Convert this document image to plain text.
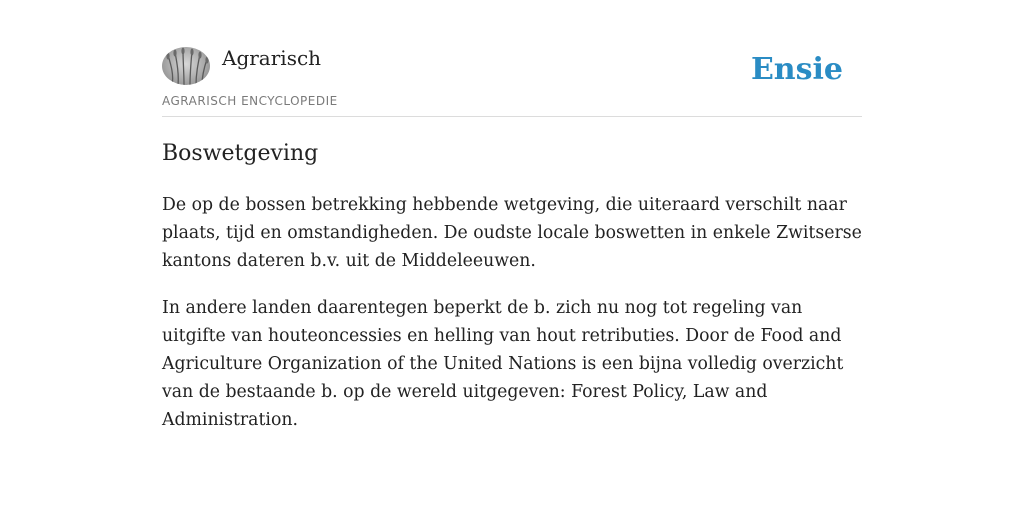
Agrarisch
AGRARISCH ENCYCLOPEDIE
Ensie
Boswetgeving

De op de bossen betrekking hebbende wetgeving, die uiteraard verschilt naar plaats, tijd en omstandigheden. De oudste locale boswetten in enkele Zwitserse kantons dateren b.v. uit de Middeleeuwen.

In andere landen daarentegen beperkt de b. zich nu nog tot regeling van uitgifte van houteoncessies en helling van hout retributies. Door de Food and Agriculture Organization of the United Nations is een bijna volledig overzicht van de bestaande b. op de wereld uitgegeven: Forest Policy, Law and Administration.
